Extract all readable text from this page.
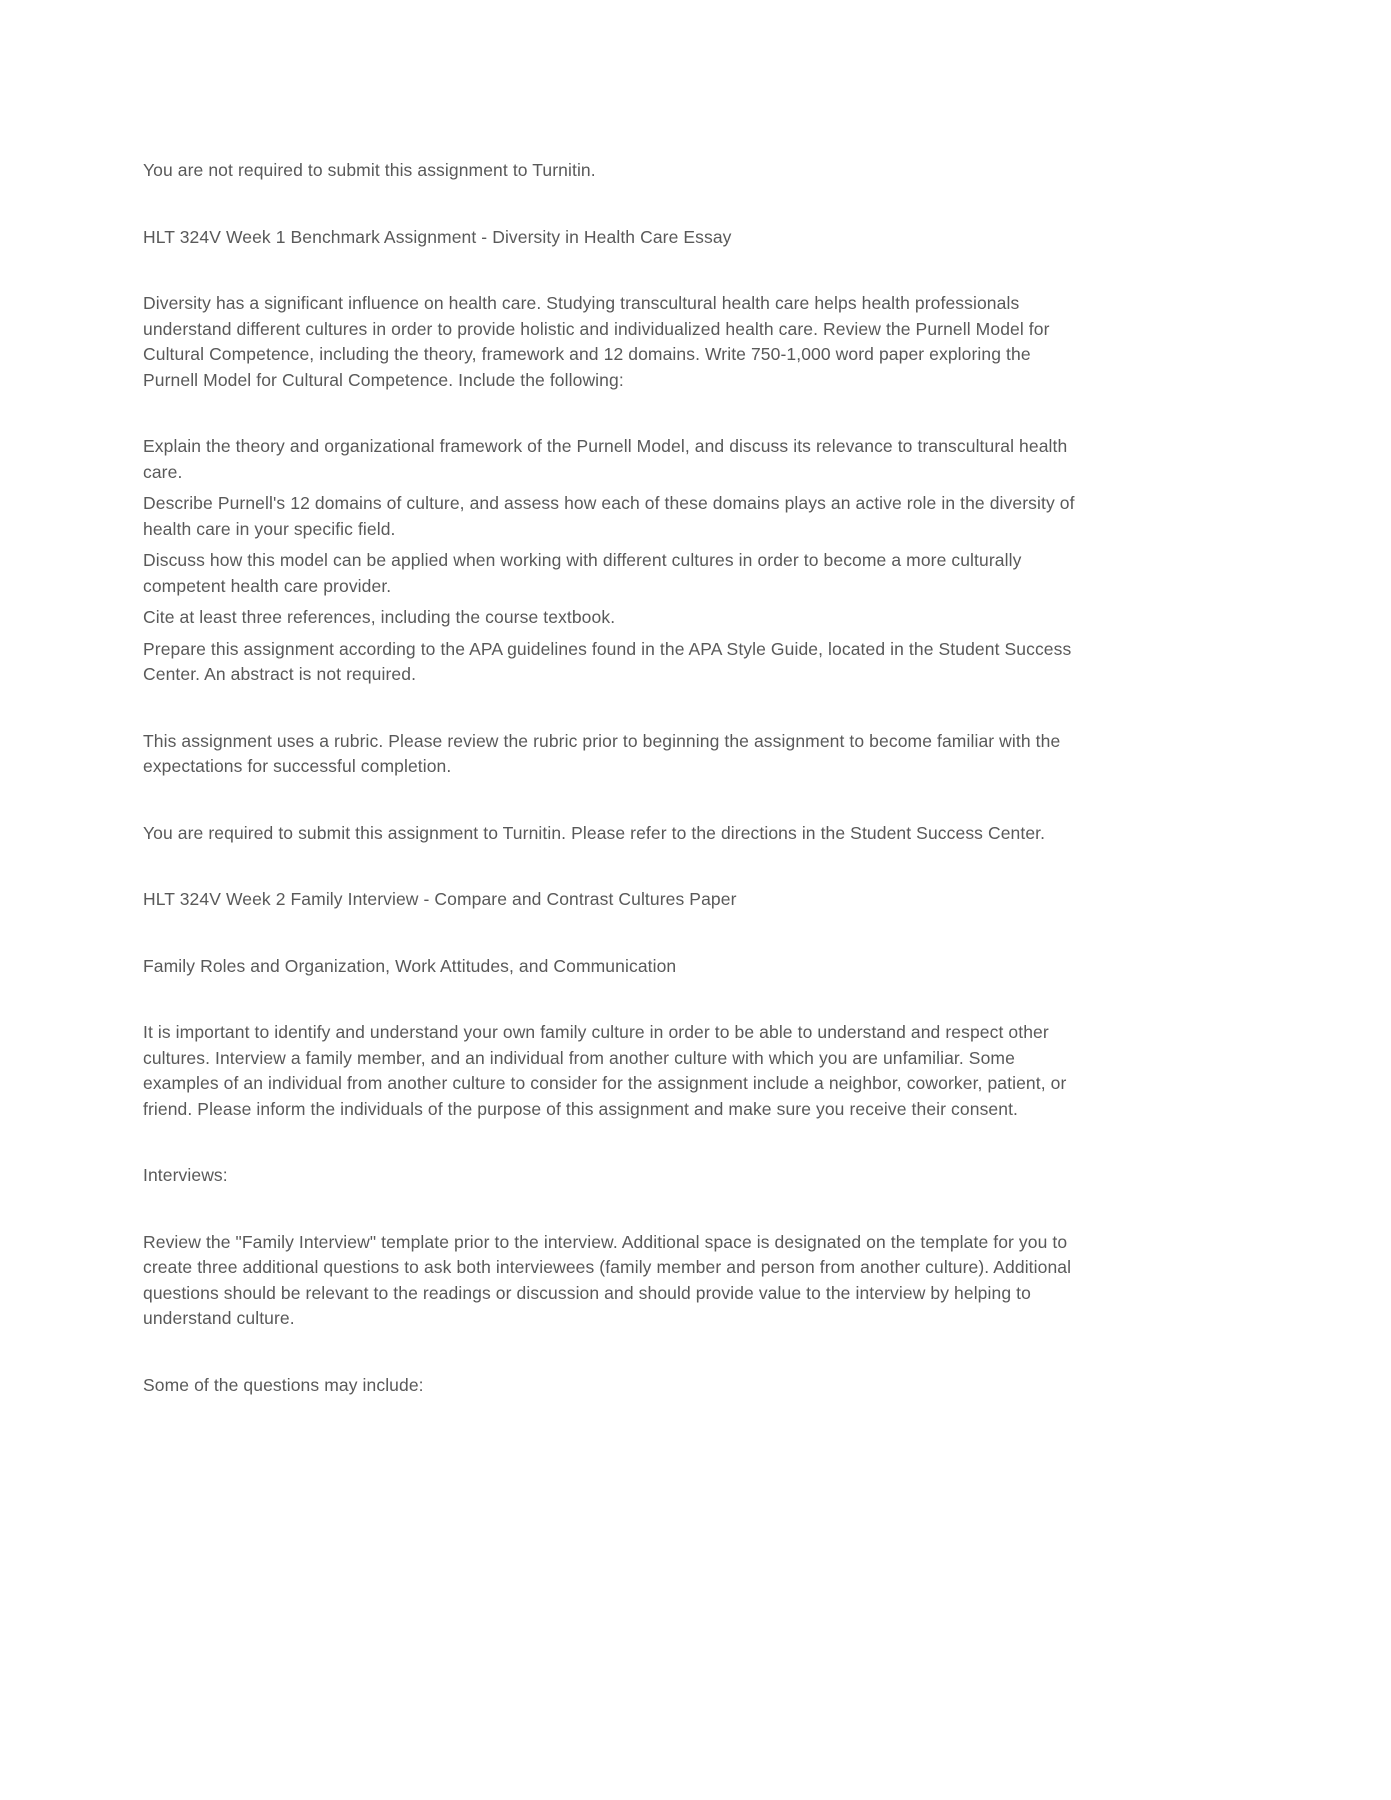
You are not required to submit this assignment to Turnitin.

HLT 324V Week 1 Benchmark Assignment - Diversity in Health Care Essay

Diversity has a significant influence on health care. Studying transcultural health care helps health professionals understand different cultures in order to provide holistic and individualized health care. Review the Purnell Model for Cultural Competence, including the theory, framework and 12 domains. Write 750-1,000 word paper exploring the Purnell Model for Cultural Competence. Include the following:

Explain the theory and organizational framework of the Purnell Model, and discuss its relevance to transcultural health care.

Describe Purnell's 12 domains of culture, and assess how each of these domains plays an active role in the diversity of health care in your specific field.

Discuss how this model can be applied when working with different cultures in order to become a more culturally competent health care provider.

Cite at least three references, including the course textbook.

Prepare this assignment according to the APA guidelines found in the APA Style Guide, located in the Student Success Center. An abstract is not required.

This assignment uses a rubric. Please review the rubric prior to beginning the assignment to become familiar with the expectations for successful completion.

You are required to submit this assignment to Turnitin. Please refer to the directions in the Student Success Center.

HLT 324V Week 2 Family Interview - Compare and Contrast Cultures Paper

Family Roles and Organization, Work Attitudes, and Communication

It is important to identify and understand your own family culture in order to be able to understand and respect other cultures. Interview a family member, and an individual from another culture with which you are unfamiliar. Some examples of an individual from another culture to consider for the assignment include a neighbor, coworker, patient, or friend. Please inform the individuals of the purpose of this assignment and make sure you receive their consent.

Interviews:

Review the "Family Interview" template prior to the interview. Additional space is designated on the template for you to create three additional questions to ask both interviewees (family member and person from another culture). Additional questions should be relevant to the readings or discussion and should provide value to the interview by helping to understand culture.

Some of the questions may include:
